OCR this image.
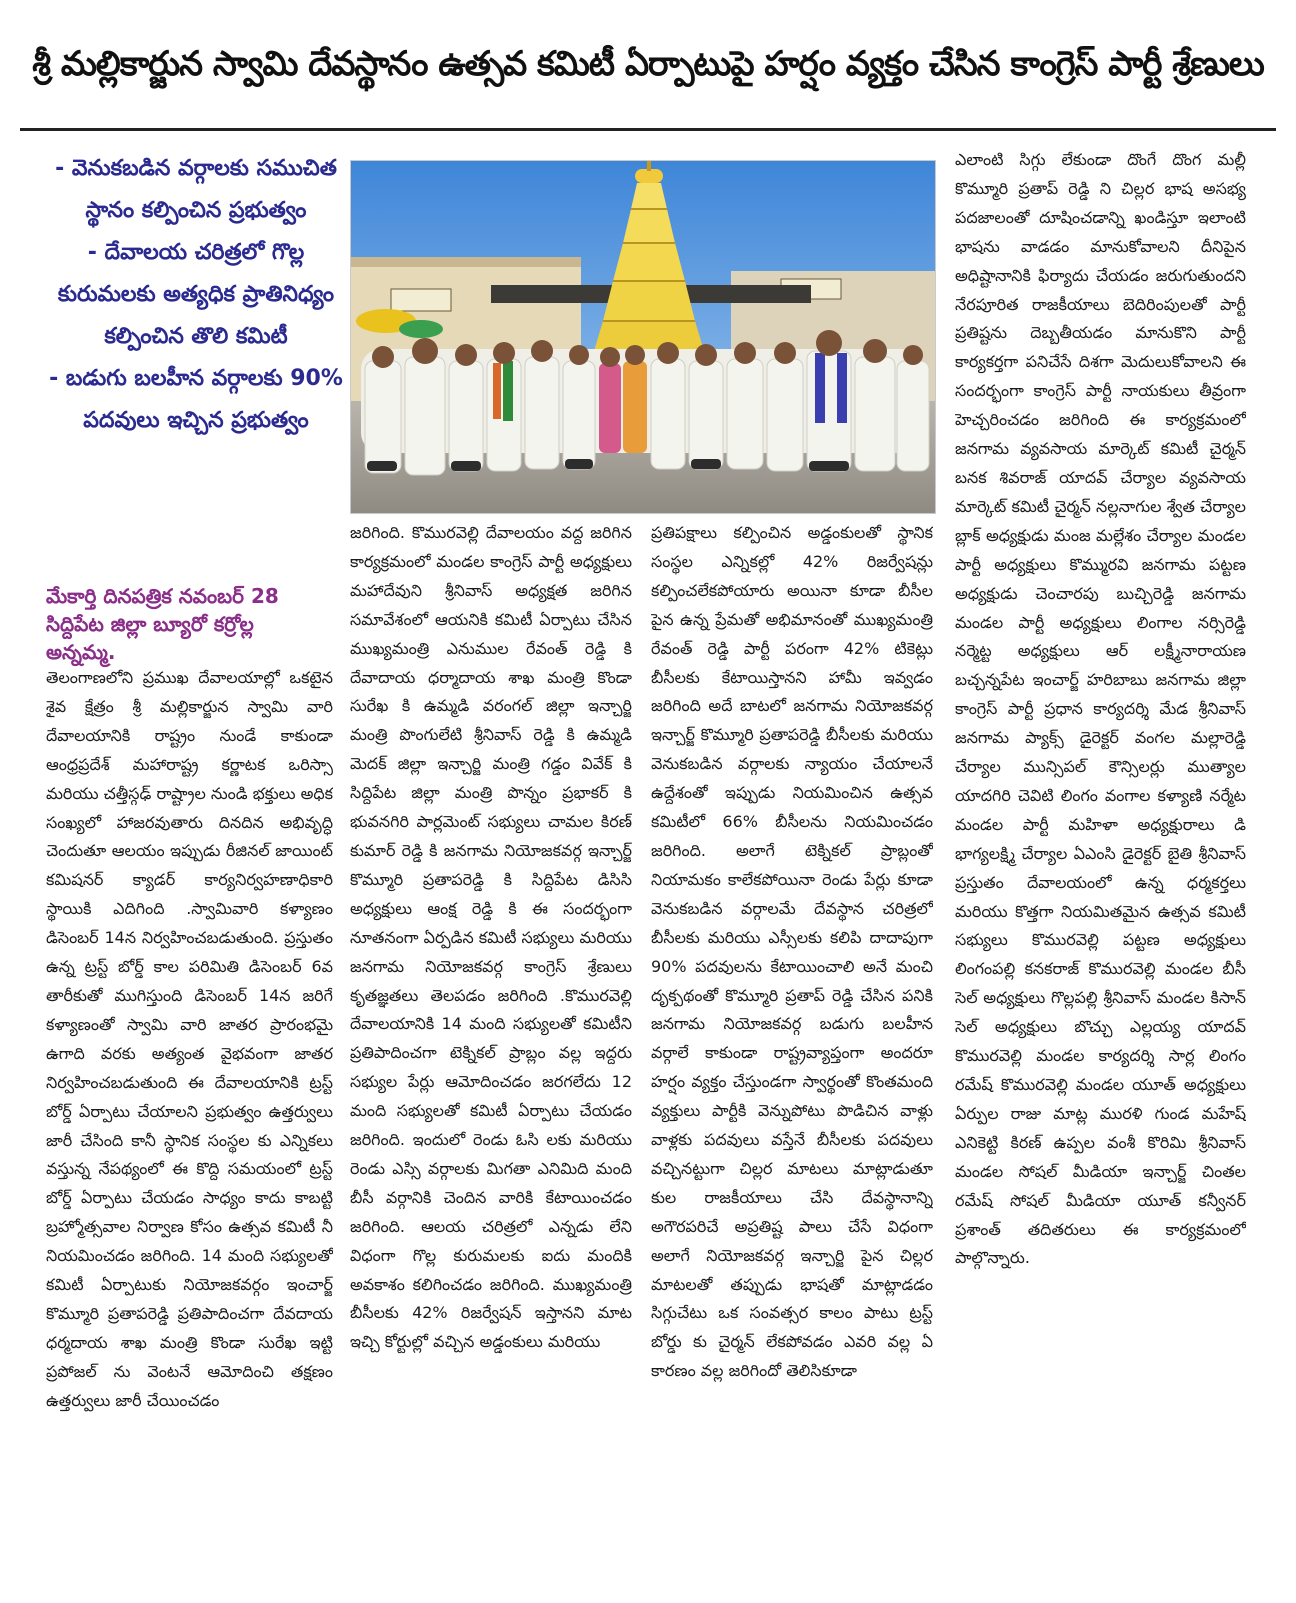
శ్రీ మల్లికార్జున స్వామి దేవస్థానం ఉత్సవ కమిటీ ఏర్పాటుపై హర్షం వ్యక్తం చేసిన కాంగ్రెస్ పార్టీ శ్రేణులు

- వెనుకబడిన వర్గాలకు సముచిత స్థానం కల్పించిన ప్రభుత్వం

- దేవాలయ చరిత్రలో గొల్ల కురుమలకు అత్యధిక ప్రాతినిధ్యం కల్పించిన తొలి కమిటీ

- బడుగు బలహీన వర్గాలకు 90% పదవులు ఇచ్చిన ప్రభుత్వం

మేకార్తి దినపత్రిక నవంబర్ 28 సిద్దిపేట జిల్లా బ్యూరో కర్రోల్ల అన్నమ్మ.

తెలంగాణలోని ప్రముఖ దేవాలయాల్లో ఒకటైన శైవ క్షేత్రం శ్రీ మల్లికార్జున స్వామి వారి దేవాలయానికి రాష్ట్రం నుండే కాకుండా ఆంధ్రప్రదేశ్ మహారాష్ట్ర కర్ణాటక ఒరిస్సా మరియు చత్తీస్గఢ్ రాష్ట్రాల నుండి భక్తులు అధిక సంఖ్యలో హాజరవుతారు దినదిన అభివృద్ధి చెందుతూ ఆలయం ఇప్పుడు రీజినల్ జాయింట్ కమిషనర్ క్యాడర్ కార్యనిర్వహణాధికారి స్థాయికి ఎదిగింది .స్వామివారి కళ్యాణం డిసెంబర్ 14న నిర్వహించబడుతుంది. ప్రస్తుతం ఉన్న ట్రస్ట్ బోర్డ్ కాల పరిమితి డిసెంబర్ 6వ తారీకుతో ముగిస్తుంది డిసెంబర్ 14న జరిగే కళ్యాణంతో స్వామి వారి జాతర ప్రారంభమై ఉగాది వరకు అత్యంత వైభవంగా జాతర నిర్వహించబడుతుంది ఈ దేవాలయానికి ట్రస్ట్ బోర్డ్ ఏర్పాటు చేయాలని ప్రభుత్వం ఉత్తర్వులు జారీ చేసింది కానీ స్థానిక సంస్థల కు ఎన్నికలు వస్తున్న నేపథ్యంలో ఈ కొద్ది సమయంలో ట్రస్ట్ బోర్డ్ ఏర్పాటు చేయడం సాధ్యం కాదు కాబట్టి బ్రహ్మోత్సవాల నిర్వాణ కోసం ఉత్సవ కమిటీ నీ నియమించడం జరిగింది. 14 మంది సభ్యులతో కమిటీ ఏర్పాటుకు నియోజకవర్గం ఇంచార్జ్ కొమ్మూరి ప్రతాపరెడ్డి ప్రతిపాదించగా దేవదాయ ధర్మదాయ శాఖ మంత్రి కొండా సురేఖ ఇట్టి ప్రపోజల్ ను వెంటనే ఆమోదించి తక్షణం ఉత్తర్వులు జారీ చేయించడం

జరిగింది. కొమురవెల్లి దేవాలయం వద్ద జరిగిన కార్యక్రమంలో మండల కాంగ్రెస్ పార్టీ అధ్యక్షులు మహాదేవుని శ్రీనివాస్ అధ్యక్షత జరిగిన సమావేశంలో ఆయనికి కమిటీ ఏర్పాటు చేసిన ముఖ్యమంత్రి ఎనుముల రేవంత్ రెడ్డి కి దేవాదాయ ధర్మాదాయ శాఖ మంత్రి కొండా సురేఖ కి ఉమ్మడి వరంగల్ జిల్లా ఇన్చార్జి మంత్రి పొంగులేటి శ్రీనివాస్ రెడ్డి కి ఉమ్మడి మెదక్ జిల్లా ఇన్చార్జి మంత్రి గడ్డం వివేక్ కి సిద్దిపేట జిల్లా మంత్రి పొన్నం ప్రభాకర్ కి భువనగిరి పార్లమెంట్ సభ్యులు చామల కిరణ్ కుమార్ రెడ్డి కి జనగామ నియోజకవర్గ ఇన్చార్జ్ కొమ్మూరి ప్రతాపరెడ్డి కి సిద్దిపేట డిసిసి అధ్యక్షులు ఆంక్ష రెడ్డి కి ఈ సందర్భంగా నూతనంగా ఏర్పడిన కమిటీ సభ్యులు మరియు జనగామ నియోజకవర్గ కాంగ్రెస్ శ్రేణులు కృతజ్ఞతలు తెలపడం జరిగింది .కొమురవెల్లి దేవాలయానికి 14 మంది సభ్యులతో కమిటీని ప్రతిపాదించగా టెక్నికల్ ప్రాబ్లం వల్ల ఇద్దరు సభ్యుల పేర్లు ఆమోదించడం జరగలేదు 12 మంది సభ్యులతో కమిటీ ఏర్పాటు చేయడం జరిగింది. ఇందులో రెండు ఓసి లకు మరియు రెండు ఎస్సి వర్గాలకు మిగతా ఎనిమిది మంది బీసీ వర్గానికి చెందిన వారికి కేటాయించడం జరిగింది. ఆలయ చరిత్రలో ఎన్నడు లేని విధంగా గొల్ల కురుమలకు ఐదు మందికి అవకాశం కలిగించడం జరిగింది. ముఖ్యమంత్రి బీసీలకు 42% రిజర్వేషన్ ఇస్తానని మాట ఇచ్చి కోర్టుల్లో వచ్చిన అడ్డంకులు మరియు

ప్రతిపక్షాలు కల్పించిన అడ్డంకులతో స్థానిక సంస్థల ఎన్నికల్లో 42% రిజర్వేషన్లు కల్పించలేకపోయారు అయినా కూడా బీసీల పైన ఉన్న ప్రేమతో అభిమానంతో ముఖ్యమంత్రి రేవంత్ రెడ్డి పార్టీ పరంగా 42% టికెట్లు బీసీలకు కేటాయిస్తానని హామీ ఇవ్వడం జరిగింది అదే బాటలో జనగామ నియోజకవర్గ ఇన్చార్జ్ కొమ్మూరి ప్రతాపరెడ్డి బీసీలకు మరియు వెనుకబడిన వర్గాలకు న్యాయం చేయాలనే ఉద్దేశంతో ఇప్పుడు నియమించిన ఉత్సవ కమిటీలో 66% బీసీలను నియమించడం జరిగింది. అలాగే టెక్నికల్ ప్రాబ్లంతో నియామకం కాలేకపోయినా రెండు పేర్లు కూడా వెనుకబడిన వర్గాలమే దేవస్థాన చరిత్రలో బీసీలకు మరియు ఎస్సీలకు కలిపి దాదాపుగా 90% పదవులను కేటాయించాలి అనే మంచి దృక్పథంతో కొమ్మూరి ప్రతాప్ రెడ్డి చేసిన పనికి జనగామ నియోజకవర్గ బడుగు బలహీన వర్గాలే కాకుండా రాష్ట్రవ్యాప్తంగా అందరూ హర్షం వ్యక్తం చేస్తుండగా స్వార్థంతో కొంతమంది వ్యక్తులు పార్టీకి వెన్నుపోటు పొడిచిన వాళ్లు వాళ్లకు పదవులు వస్తేనే బీసీలకు పదవులు వచ్చినట్టుగా చిల్లర మాటలు మాట్లాడుతూ కుల రాజకీయాలు చేసి దేవస్థానాన్ని అగౌరపరిచే అప్రతిష్ట పాలు చేసే విధంగా అలాగే నియోజకవర్గ ఇన్చార్జి పైన చిల్లర మాటలతో తప్పుడు భాషతో మాట్లాడడం సిగ్గుచేటు ఒక సంవత్సర కాలం పాటు ట్రస్ట్ బోర్డు కు చైర్మన్ లేకపోవడం ఎవరి వల్ల ఏ కారణం వల్ల జరిగిందో తెలిసికూడా

ఎలాంటి సిగ్గు లేకుండా దొంగే దొంగ మల్లీ కొమ్మూరి ప్రతాప్ రెడ్డి ని చిల్లర భాష అసభ్య పదజాలంతో దూషించడాన్ని ఖండిస్తూ ఇలాంటి భాషను వాడడం మానుకోవాలని దీనిపైన అధిష్టానానికి ఫిర్యాదు చేయడం జరుగుతుందని నేరపూరిత రాజకీయాలు బెదిరింపులతో పార్టీ ప్రతిష్టను దెబ్బతీయడం మానుకొని పార్టీ కార్యకర్తగా పనిచేసే దిశగా మెదులుకోవాలని ఈ సందర్భంగా కాంగ్రెస్ పార్టీ నాయకులు తీవ్రంగా హెచ్చరించడం జరిగింది ఈ కార్యక్రమంలో జనగామ వ్యవసాయ మార్కెట్ కమిటీ చైర్మన్ బనక శివరాజ్ యాదవ్ చేర్యాల వ్యవసాయ మార్కెట్ కమిటీ చైర్మన్ నల్లనాగుల శ్వేత చేర్యాల బ్లాక్ అధ్యక్షుడు మంజ మల్లేశం చేర్యాల మండల పార్టీ అధ్యక్షులు కొమ్మురవి జనగామ పట్టణ అధ్యక్షుడు చెంచారపు బుచ్చిరెడ్డి జనగామ మండల పార్టీ అధ్యక్షులు లింగాల నర్సిరెడ్డి నర్మెట్ట అధ్యక్షులు ఆర్ లక్ష్మీనారాయణ బచ్చన్నపేట ఇంచార్జ్ హరిబాబు జనగామ జిల్లా కాంగ్రెస్ పార్టీ ప్రధాన కార్యదర్శి మేడ శ్రీనివాస్ జనగామ ప్యాక్స్ డైరెక్టర్ వంగల మల్లారెడ్డి చేర్యాల మున్సిపల్ కౌన్సిలర్లు ముత్యాల యాదగిరి చెవిటి లింగం వంగాల కళ్యాణి నర్మేట మండల పార్టీ మహిళా అధ్యక్షురాలు డి భాగ్యలక్ష్మి చేర్యాల ఏఎంసి డైరెక్టర్ బైతి శ్రీనివాస్ ప్రస్తుతం దేవాలయంలో ఉన్న ధర్మకర్తలు మరియు కొత్తగా నియమితమైన ఉత్సవ కమిటీ సభ్యులు కొమురవెల్లి పట్టణ అధ్యక్షులు లింగంపల్లి కనకరాజ్ కొమురవెల్లి మండల బీసీ సెల్ అధ్యక్షులు గొల్లపల్లి శ్రీనివాస్ మండల కిసాన్ సెల్ అధ్యక్షులు బొచ్చు ఎల్లయ్య యాదవ్ కొమురవెల్లి మండల కార్యదర్శి సార్ల లింగం రమేష్ కొమురవెల్లి మండల యూత్ అధ్యక్షులు ఏర్పుల రాజు మాట్ల మురళి గుండ మహేష్ ఎనికెట్టి కిరణ్ ఉప్పల వంశీ కొరిమి శ్రీనివాస్ మండల సోషల్ మీడియా ఇన్చార్జ్ చింతల రమేష్ సోషల్ మీడియా యూత్ కన్వీనర్ ప్రశాంత్ తదితరులు ఈ కార్యక్రమంలో పాల్గొన్నారు.
